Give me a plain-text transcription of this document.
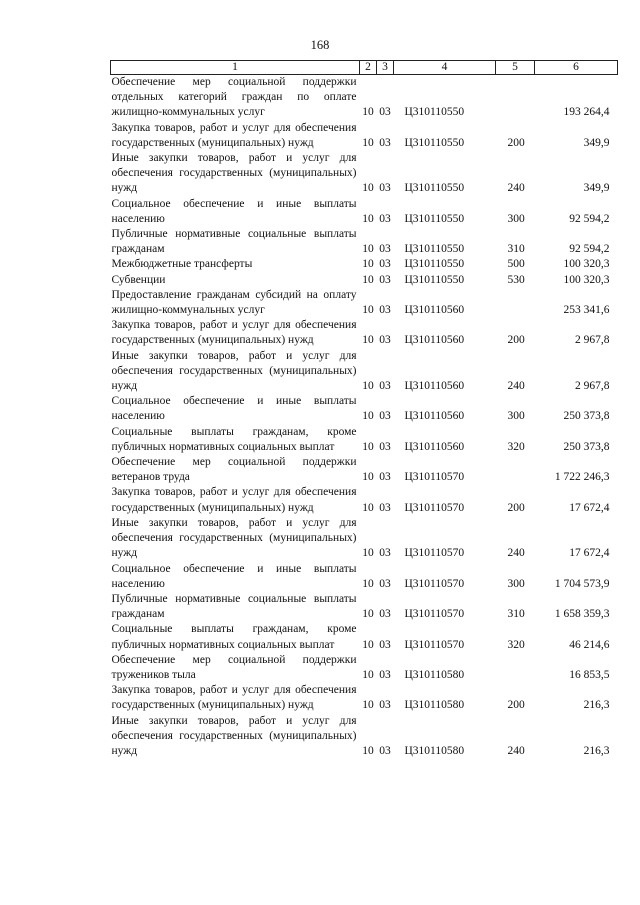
168
1	2	3	4	5	6
Обеспечение мер социальной поддержки отдельных категорий граждан по оплате жилищно-коммунальных услуг	10	03	Ц310110550		193 264,4
Закупка товаров, работ и услуг для обеспечения государственных (муниципальных) нужд	10	03	Ц310110550	200	349,9
Иные закупки товаров, работ и услуг для обеспечения государственных (муниципальных) нужд	10	03	Ц310110550	240	349,9
Социальное обеспечение и иные выплаты населению	10	03	Ц310110550	300	92 594,2
Публичные нормативные социальные выплаты гражданам	10	03	Ц310110550	310	92 594,2
Межбюджетные трансферты	10	03	Ц310110550	500	100 320,3
Субвенции	10	03	Ц310110550	530	100 320,3
Предоставление гражданам субсидий на оплату жилищно-коммунальных услуг	10	03	Ц310110560		253 341,6
Закупка товаров, работ и услуг для обеспечения государственных (муниципальных) нужд	10	03	Ц310110560	200	2 967,8
Иные закупки товаров, работ и услуг для обеспечения государственных (муниципальных) нужд	10	03	Ц310110560	240	2 967,8
Социальное обеспечение и иные выплаты населению	10	03	Ц310110560	300	250 373,8
Социальные выплаты гражданам, кроме публичных нормативных социальных выплат	10	03	Ц310110560	320	250 373,8
Обеспечение мер социальной поддержки ветеранов труда	10	03	Ц310110570		1 722 246,3
Закупка товаров, работ и услуг для обеспечения государственных (муниципальных) нужд	10	03	Ц310110570	200	17 672,4
Иные закупки товаров, работ и услуг для обеспечения государственных (муниципальных) нужд	10	03	Ц310110570	240	17 672,4
Социальное обеспечение и иные выплаты населению	10	03	Ц310110570	300	1 704 573,9
Публичные нормативные социальные выплаты гражданам	10	03	Ц310110570	310	1 658 359,3
Социальные выплаты гражданам, кроме публичных нормативных социальных выплат	10	03	Ц310110570	320	46 214,6
Обеспечение мер социальной поддержки тружеников тыла	10	03	Ц310110580		16 853,5
Закупка товаров, работ и услуг для обеспечения государственных (муниципальных) нужд	10	03	Ц310110580	200	216,3
Иные закупки товаров, работ и услуг для обеспечения государственных (муниципальных) нужд	10	03	Ц310110580	240	216,3
